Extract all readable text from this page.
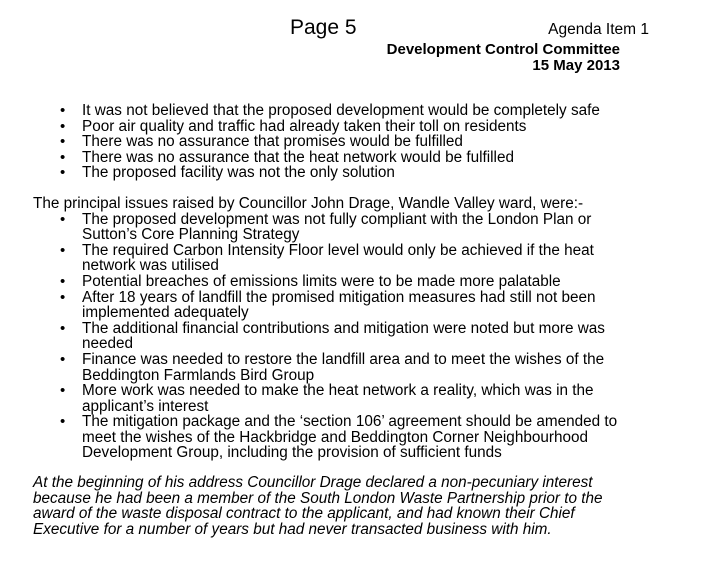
Page 5	Agenda Item 1
Development Control Committee
15 May 2013
• It was not believed that the proposed development would be completely safe
• Poor air quality and traffic had already taken their toll on residents
• There was no assurance that promises would be fulfilled
• There was no assurance that the heat network would be fulfilled
• The proposed facility was not the only solution

The principal issues raised by Councillor John Drage, Wandle Valley ward, were:-

• The proposed development was not fully compliant with the London Plan or Sutton’s Core Planning Strategy
• The required Carbon Intensity Floor level would only be achieved if the heat network was utilised
• Potential breaches of emissions limits were to be made more palatable
• After 18 years of landfill the promised mitigation measures had still not been implemented adequately
• The additional financial contributions and mitigation were noted but more was needed
• Finance was needed to restore the landfill area and to meet the wishes of the Beddington Farmlands Bird Group
• More work was needed to make the heat network a reality, which was in the applicant’s interest
• The mitigation package and the ‘section 106’ agreement should be amended to meet the wishes of the Hackbridge and Beddington Corner Neighbourhood Development Group, including the provision of sufficient funds

At the beginning of his address Councillor Drage declared a non-pecuniary interest because he had been a member of the South London Waste Partnership prior to the award of the waste disposal contract to the applicant, and had known their Chief Executive for a number of years but had never transacted business with him.
